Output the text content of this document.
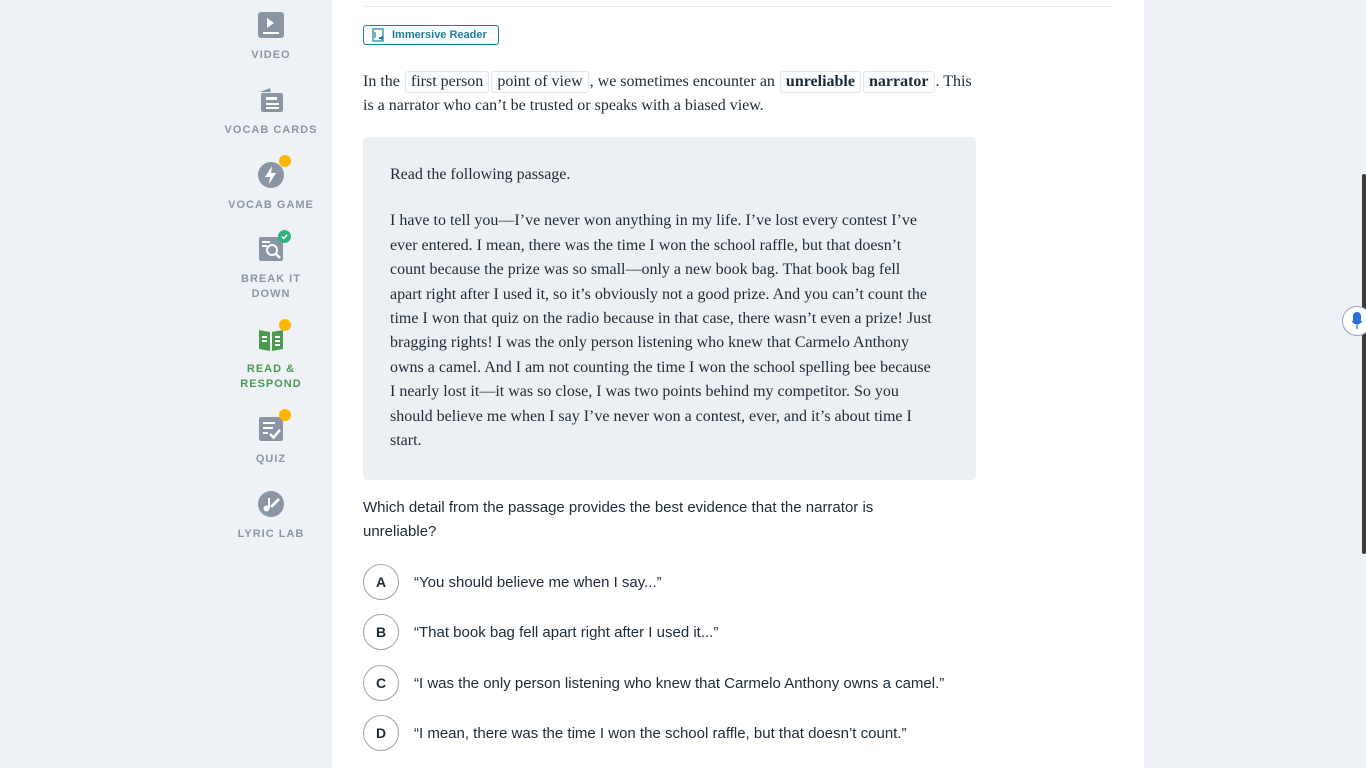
VIDEO
VOCAB CARDS
VOCAB GAME
BREAK IT DOWN
READ & RESPOND
QUIZ
LYRIC LAB
Immersive Reader
In the first person point of view , we sometimes encounter an unreliable narrator . This is a narrator who can’t be trusted or speaks with a biased view.

Read the following passage.

I have to tell you—I’ve never won anything in my life. I’ve lost every contest I’ve ever entered. I mean, there was the time I won the school raffle, but that doesn’t count because the prize was so small—only a new book bag. That book bag fell apart right after I used it, so it’s obviously not a good prize. And you can’t count the time I won that quiz on the radio because in that case, there wasn’t even a prize! Just bragging rights! I was the only person listening who knew that Carmelo Anthony owns a camel. And I am not counting the time I won the school spelling bee because I nearly lost it—it was so close, I was two points behind my competitor. So you should believe me when I say I’ve never won a contest, ever, and it’s about time I start.

Which detail from the passage provides the best evidence that the narrator is unreliable?
A	“You should believe me when I say...”
B	“That book bag fell apart right after I used it...”
C	“I was the only person listening who knew that Carmelo Anthony owns a camel.”
D	“I mean, there was the time I won the school raffle, but that doesn’t count.”
